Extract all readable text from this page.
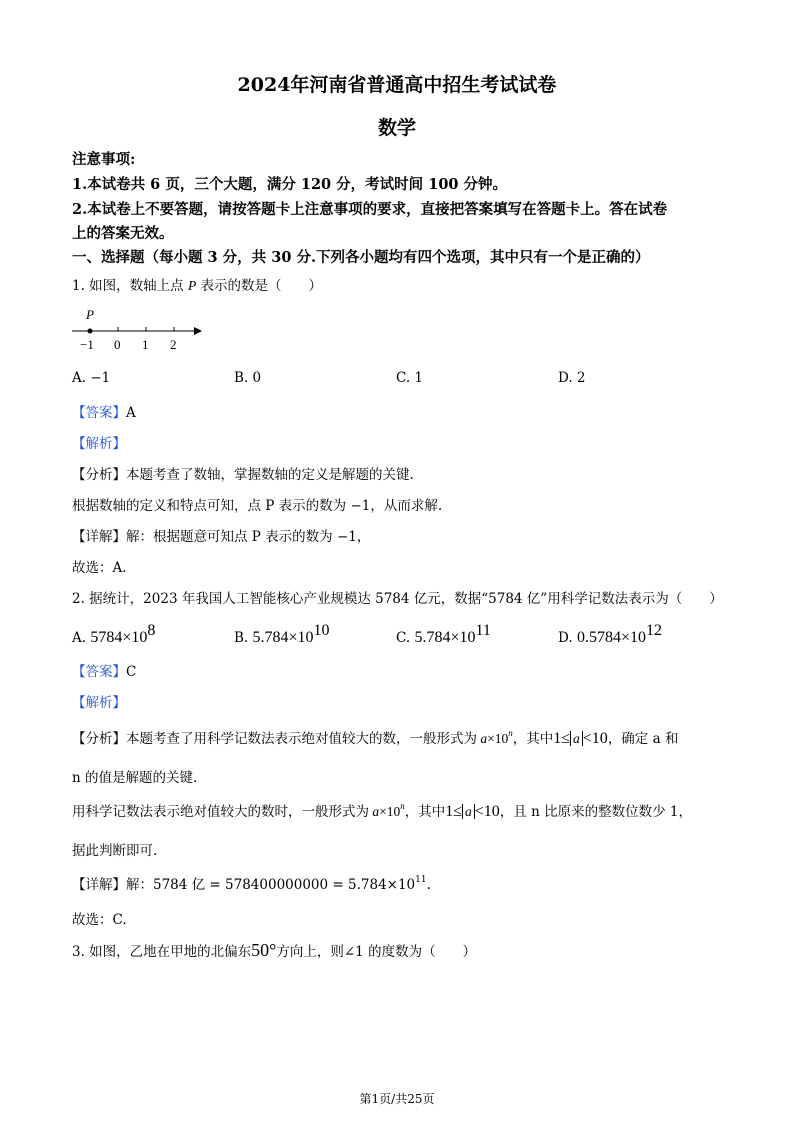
2024年河南省普通高中招生考试试卷
数学
注意事项:
1.本试卷共 6 页，三个大题，满分 120 分，考试时间 100 分钟。
2.本试卷上不要答题，请按答题卡上注意事项的要求，直接把答案填写在答题卡上。答在试卷
上的答案无效。
一、选择题（每小题 3 分，共 30 分.下列各小题均有四个选项，其中只有一个是正确的）
1. 如图，数轴上点 P 表示的数是（　　）
P
−1 0 1 2
A. −1	B. 0	C. 1	D. 2
【答案】A
【解析】
【分析】本题考查了数轴，掌握数轴的定义是解题的关键.
根据数轴的定义和特点可知，点 P 表示的数为 −1，从而求解.
【详解】解：根据题意可知点 P 表示的数为 −1，
故选：A.
2. 据统计，2023 年我国人工智能核心产业规模达 5784 亿元，数据“5784 亿”用科学记数法表示为（　　）
A. $5784\times 10^8$	B. $5.784\times 10^{10}$	C. $5.784\times 10^{11}$	D. $0.5784\times 10^{12}$
【答案】C
【解析】
【分析】本题考查了用科学记数法表示绝对值较大的数，一般形式为 $a\times 10^n$，其中1≤ a <10，确定 a 和
n 的值是解题的关键.
用科学记数法表示绝对值较大的数时，一般形式为 $a\times 10^n$，其中1≤ a <10，且 n 比原来的整数位数少 1，
据此判断即可.
【详解】解：5784 亿 = $578400000000 = 5.784\times 10^{11}$.
故选：C.
3. 如图，乙地在甲地的北偏东50°方向上，则∠1 的度数为（　　）
第1页/共25页
